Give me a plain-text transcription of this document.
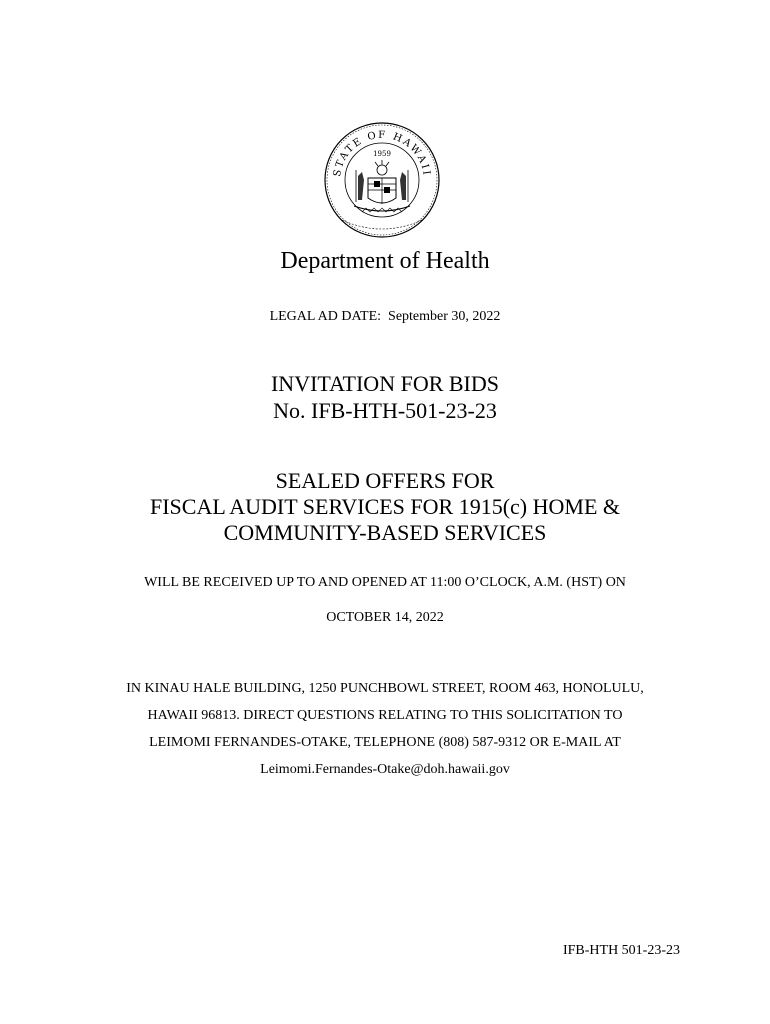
STATE OF HAWAII
1959
Department of Health
LEGAL AD DATE: September 30, 2022
INVITATION FOR BIDS
No. IFB-HTH-501-23-23
SEALED OFFERS FOR
FISCAL AUDIT SERVICES FOR 1915(c) HOME &
COMMUNITY-BASED SERVICES
WILL BE RECEIVED UP TO AND OPENED AT 11:00 O’CLOCK, A.M. (HST) ON
OCTOBER 14, 2022
IN KINAU HALE BUILDING, 1250 PUNCHBOWL STREET, ROOM 463, HONOLULU,
HAWAII 96813. DIRECT QUESTIONS RELATING TO THIS SOLICITATION TO
LEIMOMI FERNANDES-OTAKE, TELEPHONE (808) 587-9312 OR E-MAIL AT
Leimomi.Fernandes-Otake@doh.hawaii.gov
IFB-HTH 501-23-23
